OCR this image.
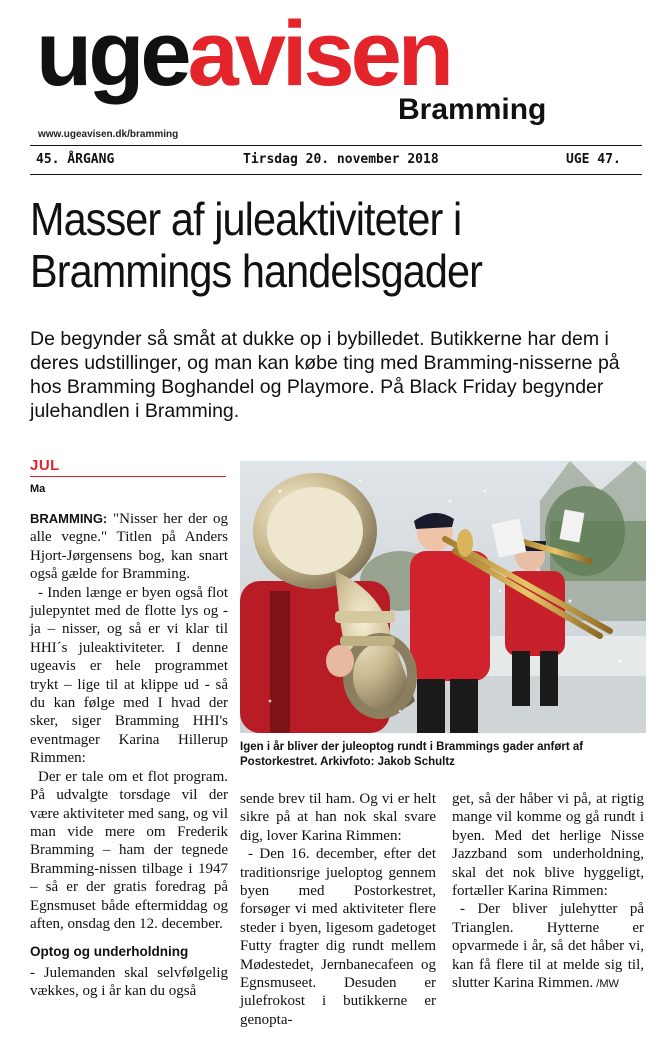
ugeavisen
Bramming
www.ugeavisen.dk/bramming
45. ÅRGANG	Tirsdag 20. november 2018	UGE 47.
Masser af juleaktiviteter i Brammings handelsgader

De begynder så småt at dukke op i bybilledet. Butikkerne har dem i deres udstillinger, og man kan købe ting med Bramming-nisserne på hos Bramming Boghandel og Playmore. På Black Friday begynder julehandlen i Bramming.

JUL
Ma

BRAMMING: "Nisser her der og alle vegne." Titlen på Anders Hjort-Jørgensens bog, kan snart også gælde for Bramming.

- Inden længe er byen også flot julepyntet med de flotte lys og - ja – nisser, og så er vi klar til HHI´s juleaktiviteter. I denne ugeavis er hele programmet trykt – lige til at klippe ud - så du kan følge med I hvad der sker, siger Bramming HHI's eventmager Karina Hillerup Rimmen:

Der er tale om et flot program. På udvalgte torsdage vil der være aktiviteter med sang, og vil man vide mere om Frederik Bramming – ham der tegnede Bramming-nissen tilbage i 1947 – så er der gratis foredrag på Egnsmuset både eftermiddag og aften, onsdag den 12. december.

Optog og underholdning

- Julemanden skal selvfølgelig vækkes, og i år kan du også

Igen i år bliver der juleoptog rundt i Brammings gader anført af Postorkestret. Arkivfoto: Jakob Schultz

sende brev til ham. Og vi er helt sikre på at han nok skal svare dig, lover Karina Rimmen:

- Den 16. december, efter det traditionsrige jueloptog gennem byen med Postorkestret, forsøger vi med aktiviteter flere steder i byen, ligesom gadetoget Futty fragter dig rundt mellem Mødestedet, Jernbanecafeen og Egnsmuseet. Desuden er julefrokost i butikkerne er genopta-

get, så der håber vi på, at rigtig mange vil komme og gå rundt i byen. Med det herlige Nisse Jazzband som underholdning, skal det nok blive hyggeligt, fortæller Karina Rimmen:

- Der bliver julehytter på Trianglen. Hytterne er opvarmede i år, så det håber vi, kan få flere til at melde sig til, slutter Karina Rimmen. /MW
